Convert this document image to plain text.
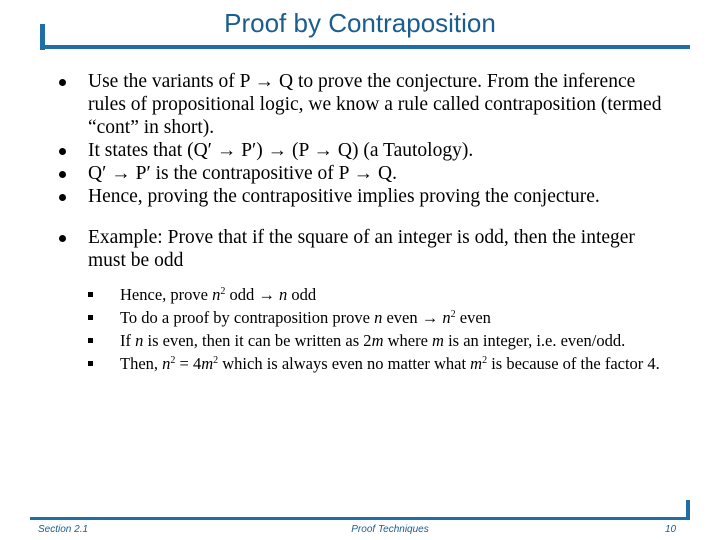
Proof by Contraposition
Use the variants of P → Q to prove the conjecture. From the inference rules of propositional logic, we know a rule called contraposition (termed “cont” in short).
It states that (Q′ → P′) → (P → Q) (a Tautology).
Q′ → P′ is the contrapositive of P → Q.
Hence, proving the contrapositive implies proving the conjecture.
Example: Prove that if the square of an integer is odd, then the integer must be odd
Hence, prove $n^2$ odd → n odd
To do a proof by contraposition prove n even → $n^2$ even
If n is even, then it can be written as 2m where m is an integer, i.e. even/odd.
Then, $n^2 = 4m^2$ which is always even no matter what $m^2$ is because of the factor 4.
Section 2.1	Proof Techniques	10
